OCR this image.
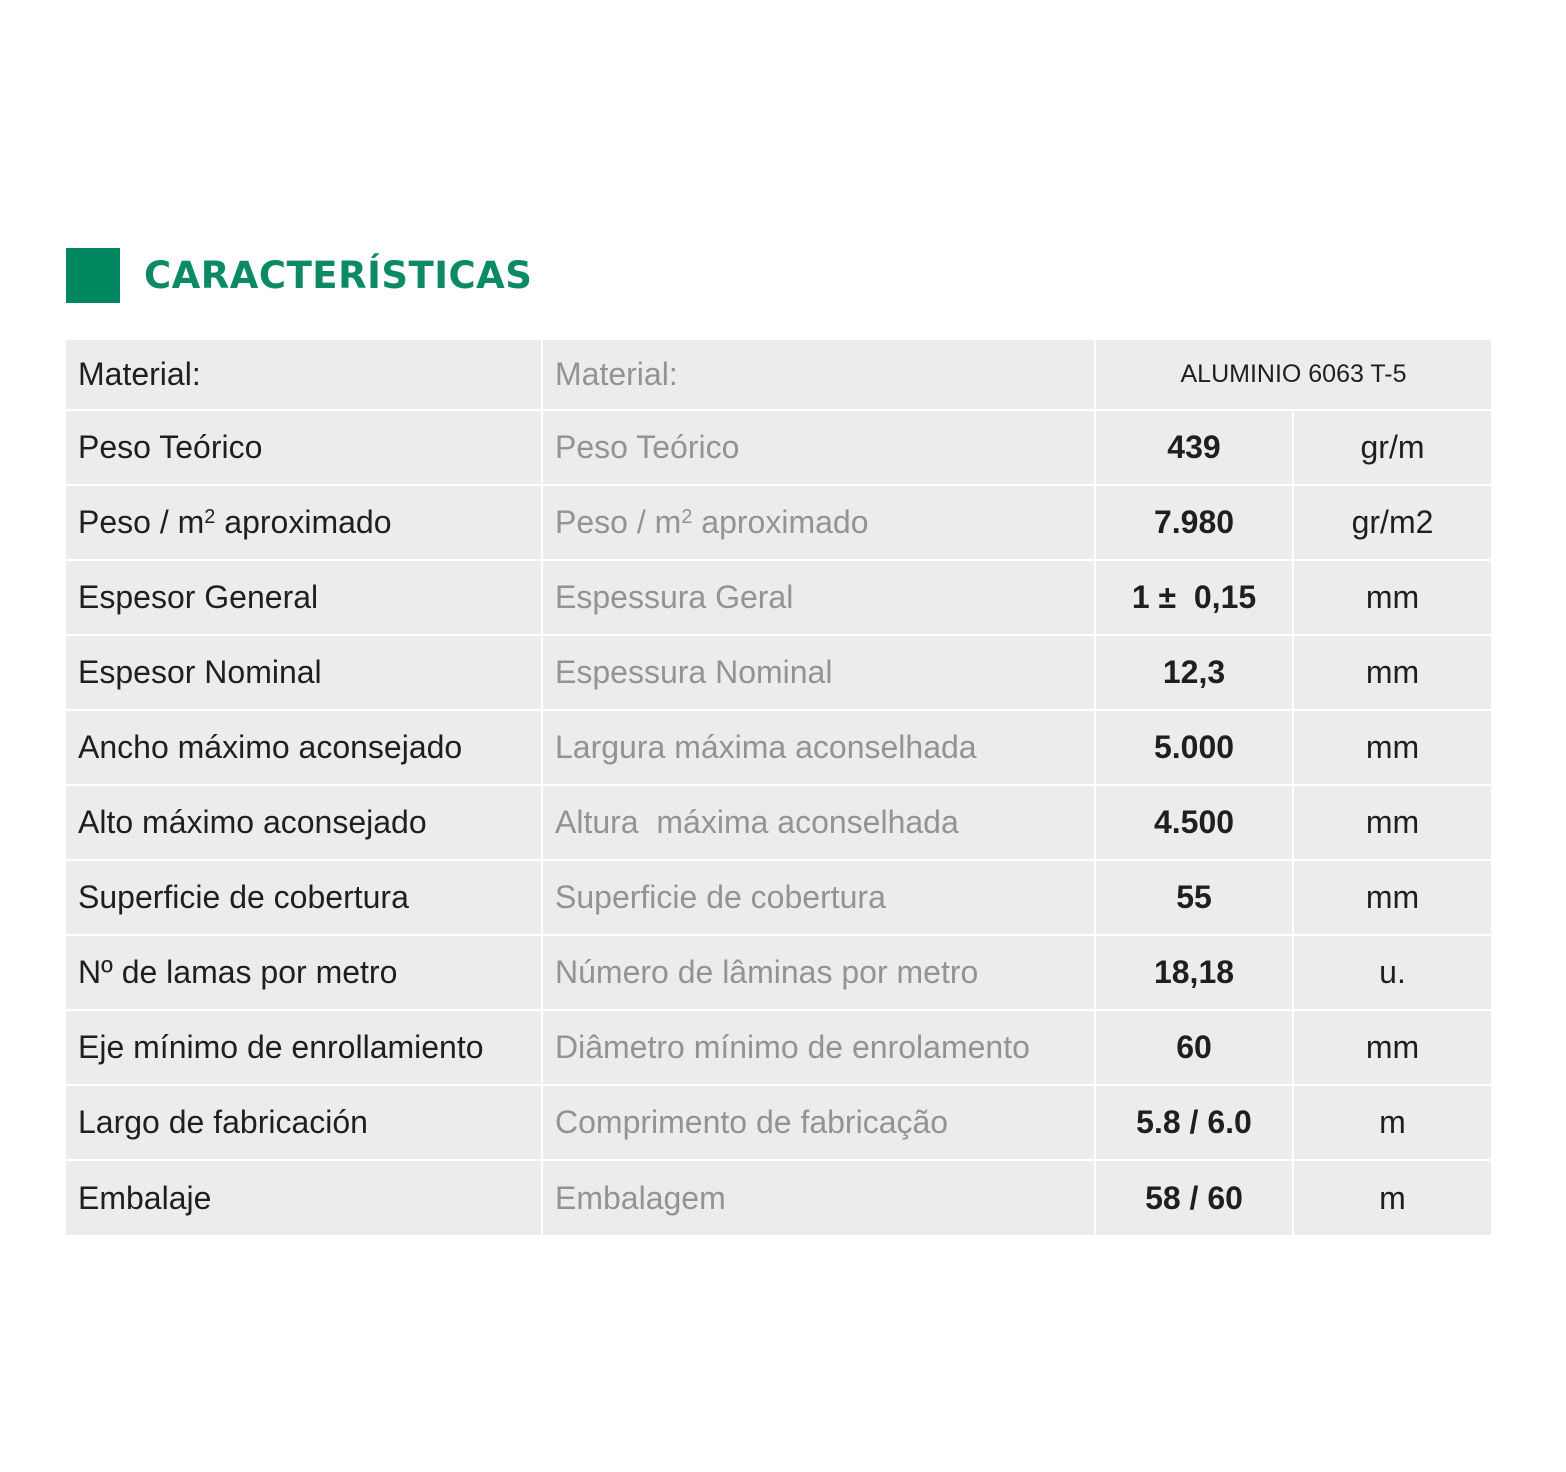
CARACTERÍSTICAS
Material:	Material:	ALUMINIO 6063 T-5	
Peso Teórico	Peso Teórico	439	gr/m
Peso / $m^2$ aproximado	Peso / $m^2$ aproximado	7.980	gr/m2
Espesor General	Espessura Geral	1 ±  0,15	mm
Espesor Nominal	Espessura Nominal	12,3	mm
Ancho máximo aconsejado	Largura máxima aconselhada	5.000	mm
Alto máximo aconsejado	Altura  máxima aconselhada	4.500	mm
Superficie de cobertura	Superficie de cobertura	55	mm
Nº de lamas por metro	Número de lâminas por metro	18,18	u.
Eje mínimo de enrollamiento	Diâmetro mínimo de enrolamento	60	mm
Largo de fabricación	Comprimento de fabricação	5.8 / 6.0	m
Embalaje	Embalagem	58 / 60	m
